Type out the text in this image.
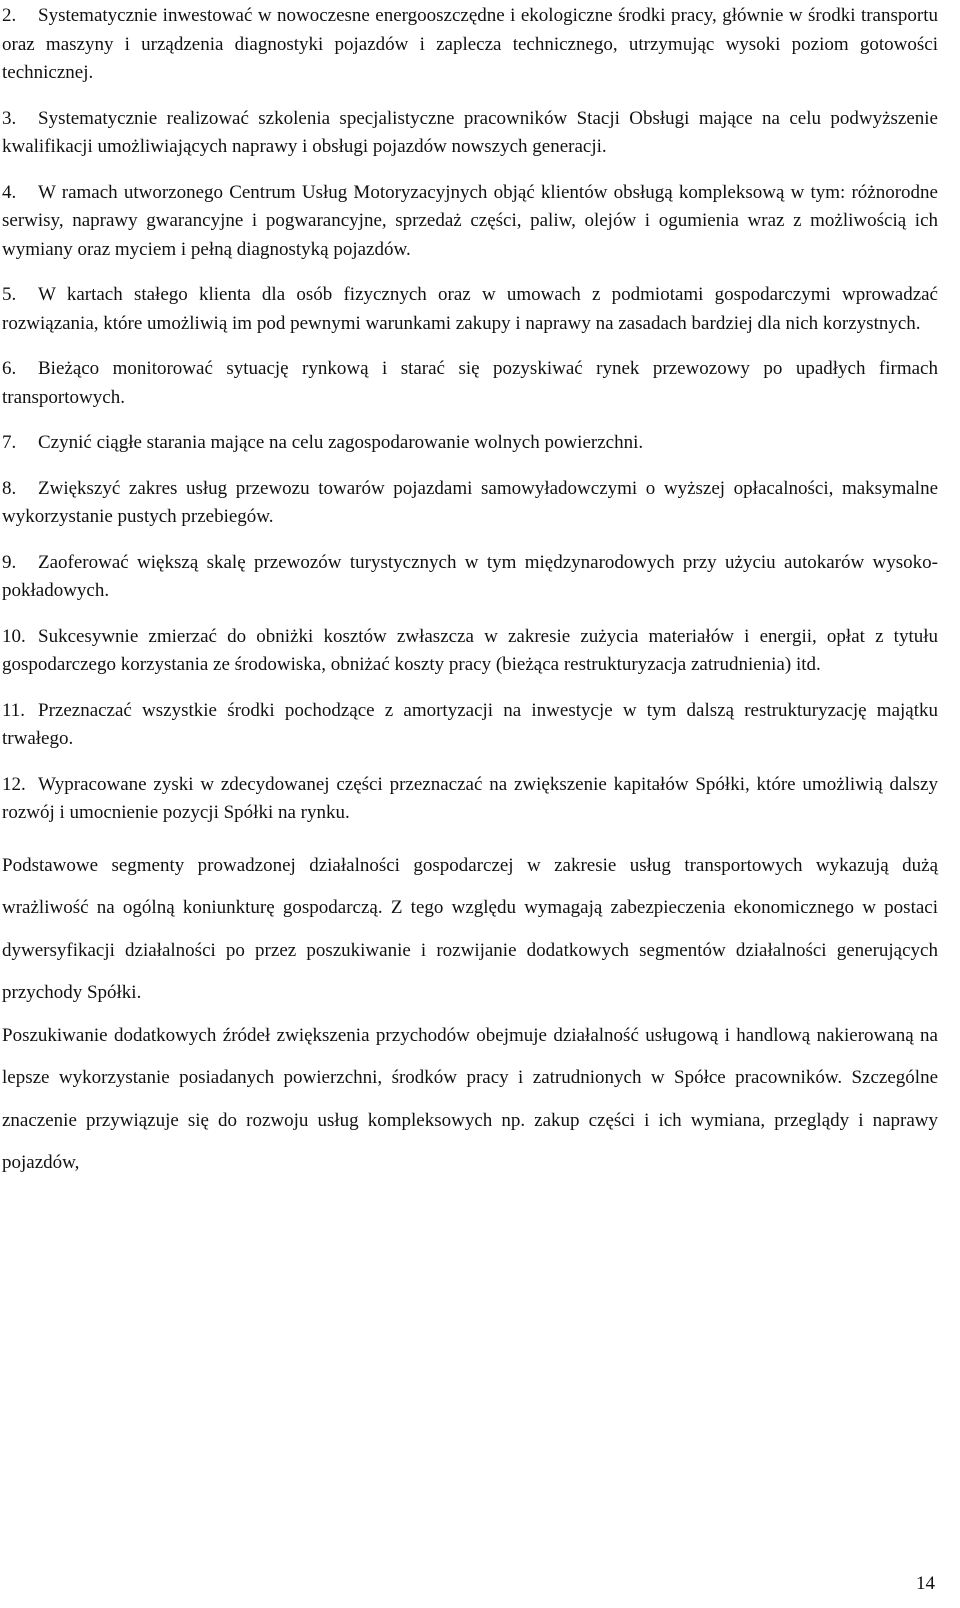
2. Systematycznie inwestować w nowoczesne energooszczędne i ekologiczne środki pracy, głównie w środki transportu oraz maszyny i urządzenia diagnostyki pojazdów i zaplecza technicznego, utrzymując wysoki poziom gotowości technicznej.

3. Systematycznie realizować szkolenia specjalistyczne pracowników Stacji Obsługi mające na celu podwyższenie kwalifikacji umożliwiających naprawy i obsługi pojazdów nowszych generacji.

4. W ramach utworzonego Centrum Usług Motoryzacyjnych objąć klientów obsługą kompleksową w tym: różnorodne serwisy, naprawy gwarancyjne i pogwarancyjne, sprzedaż części, paliw, olejów i ogumienia wraz z możliwością ich wymiany oraz myciem i pełną diagnostyką pojazdów.

5. W kartach stałego klienta dla osób fizycznych oraz w umowach z podmiotami gospodarczymi wprowadzać rozwiązania, które umożliwią im pod pewnymi warunkami zakupy i naprawy na zasadach bardziej dla nich korzystnych.

6. Bieżąco monitorować sytuację rynkową i starać się pozyskiwać rynek przewozowy po upadłych firmach transportowych.

7. Czynić ciągłe starania mające na celu zagospodarowanie wolnych powierzchni.

8. Zwiększyć zakres usług przewozu towarów pojazdami samowyładowczymi o wyższej opłacalności, maksymalne wykorzystanie pustych przebiegów.

9. Zaoferować większą skalę przewozów turystycznych w tym międzynarodowych przy użyciu autokarów wysoko-pokładowych.

10. Sukcesywnie zmierzać do obniżki kosztów zwłaszcza w zakresie zużycia materiałów i energii, opłat z tytułu gospodarczego korzystania ze środowiska, obniżać koszty pracy (bieżąca restrukturyzacja zatrudnienia) itd.

11. Przeznaczać wszystkie środki pochodzące z amortyzacji na inwestycje w tym dalszą restrukturyzację majątku trwałego.

12. Wypracowane zyski w zdecydowanej części przeznaczać na zwiększenie kapitałów Spółki, które umożliwią dalszy rozwój i umocnienie pozycji Spółki na rynku.

Podstawowe segmenty prowadzonej działalności gospodarczej w zakresie usług transportowych wykazują dużą wrażliwość na ogólną koniunkturę gospodarczą. Z tego względu wymagają zabezpieczenia ekonomicznego w postaci dywersyfikacji działalności po przez poszukiwanie i rozwijanie dodatkowych segmentów działalności generujących przychody Spółki.

Poszukiwanie dodatkowych źródeł zwiększenia przychodów obejmuje działalność usługową i handlową nakierowaną na lepsze wykorzystanie posiadanych powierzchni, środków pracy i zatrudnionych w Spółce pracowników. Szczególne znaczenie przywiązuje się do rozwoju usług kompleksowych np. zakup części i ich wymiana, przeglądy i naprawy pojazdów,

14
